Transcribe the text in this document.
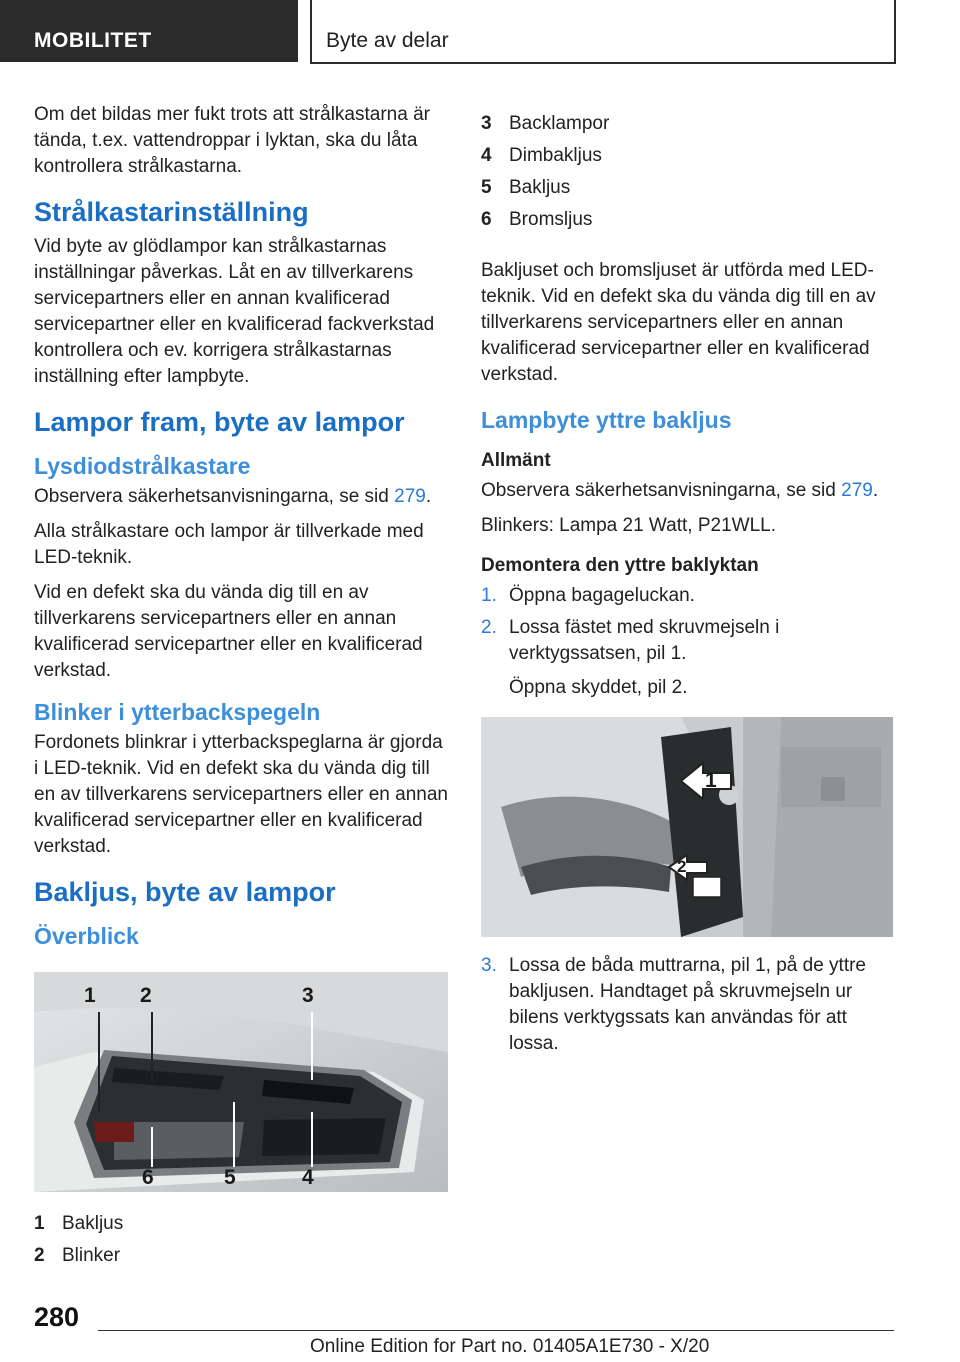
MOBILITET	Byte av delar

Om det bildas mer fukt trots att strålkastarna är tända, t.ex. vattendroppar i lyktan, ska du låta kontrollera strålkastarna.

Strålkastarinställning

Vid byte av glödlampor kan strålkastarnas inställningar påverkas. Låt en av tillverkarens servicepartners eller en annan kvalificerad servicepartner eller en kvalificerad fackverkstad kontrollera och ev. korrigera strålkastarnas inställning efter lampbyte.

Lampor fram, byte av lampor
Lysdiodstrålkastare

Observera säkerhetsanvisningarna, se sid 279.

Alla strålkastare och lampor är tillverkade med LED-teknik.

Vid en defekt ska du vända dig till en av tillverkarens servicepartners eller en annan kvalificerad servicepartner eller en kvalificerad verkstad.

Blinker i ytterbackspegeln

Fordonets blinkrar i ytterbackspeglarna är gjorda i LED-teknik. Vid en defekt ska du vända dig till en av tillverkarens servicepartners eller en annan kvalificerad servicepartner eller en kvalificerad verkstad.

Bakljus, byte av lampor
Överblick
1 2	3
4
5
6
1 Bakljus
2 Blinker
3 Backlampor
4 Dimbakljus
5 Bakljus
6 Bromsljus

Bakljuset och bromsljuset är utförda med LED-teknik. Vid en defekt ska du vända dig till en av tillverkarens servicepartners eller en annan kvalificerad servicepartner eller en kvalificerad verkstad.

Lampbyte yttre bakljus
Allmänt

Observera säkerhetsanvisningarna, se sid 279.

Blinkers: Lampa 21 Watt, P21WLL.

Demontera den yttre baklyktan
1. Öppna bagageluckan.
2. Lossa fästet med skruvmejseln i verktygssatsen, pil 1.
Öppna skyddet, pil 2.
1
2
3. Lossa de båda muttrarna, pil 1, på de yttre bakljusen. Handtaget på skruvmejseln ur bilens verktygssats kan användas för att lossa.
280
Online Edition for Part no. 01405A1E730 - X/20
